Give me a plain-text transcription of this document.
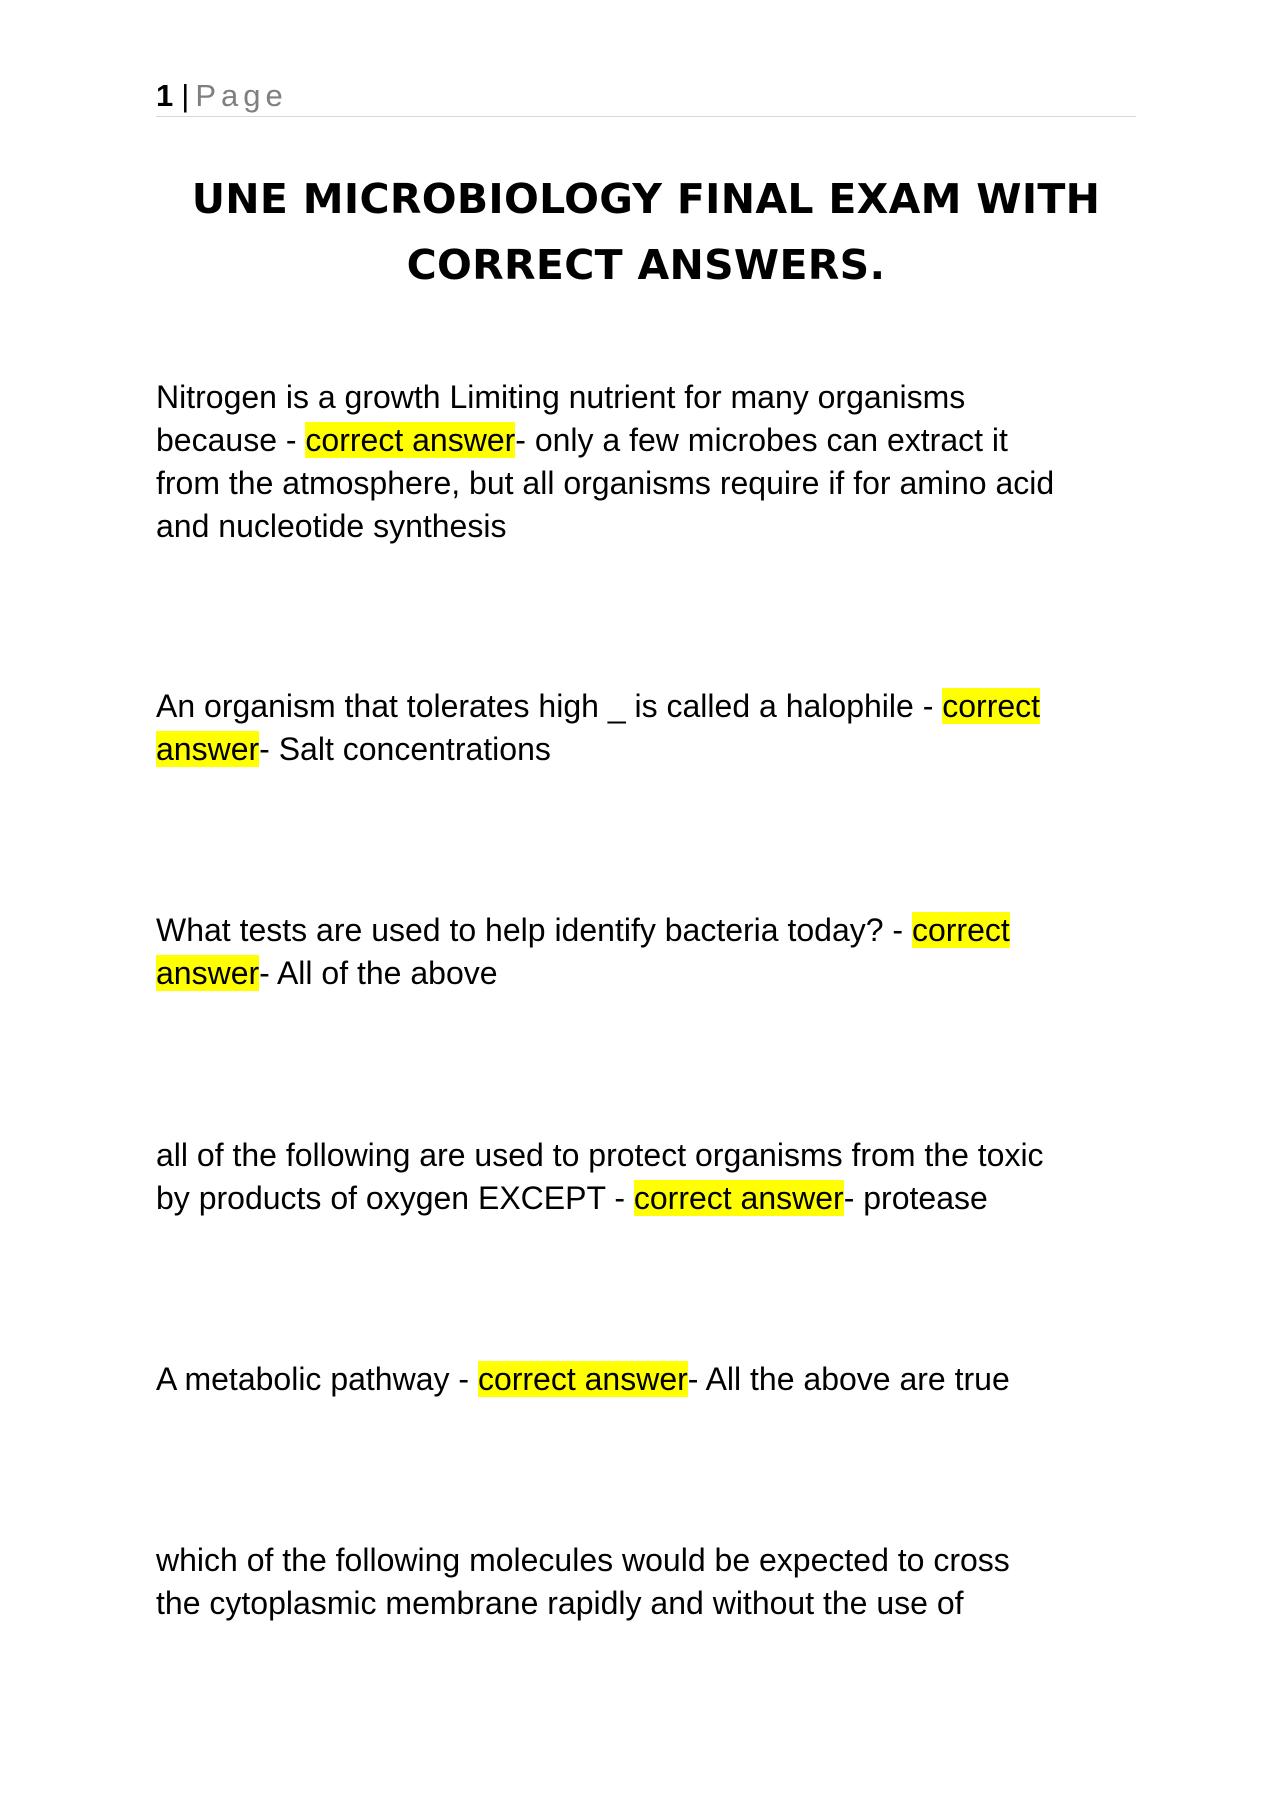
1 | Page
UNE MICROBIOLOGY FINAL EXAM WITH
CORRECT ANSWERS.
Nitrogen is a growth Limiting nutrient for many organisms
because - correct answer- only a few microbes can extract it
from the atmosphere, but all organisms require if for amino acid
and nucleotide synthesis
An organism that tolerates high _ is called a halophile - correct
answer- Salt concentrations
What tests are used to help identify bacteria today? - correct
answer- All of the above
all of the following are used to protect organisms from the toxic
by products of oxygen EXCEPT - correct answer- protease
A metabolic pathway - correct answer- All the above are true
which of the following molecules would be expected to cross
the cytoplasmic membrane rapidly and without the use of
